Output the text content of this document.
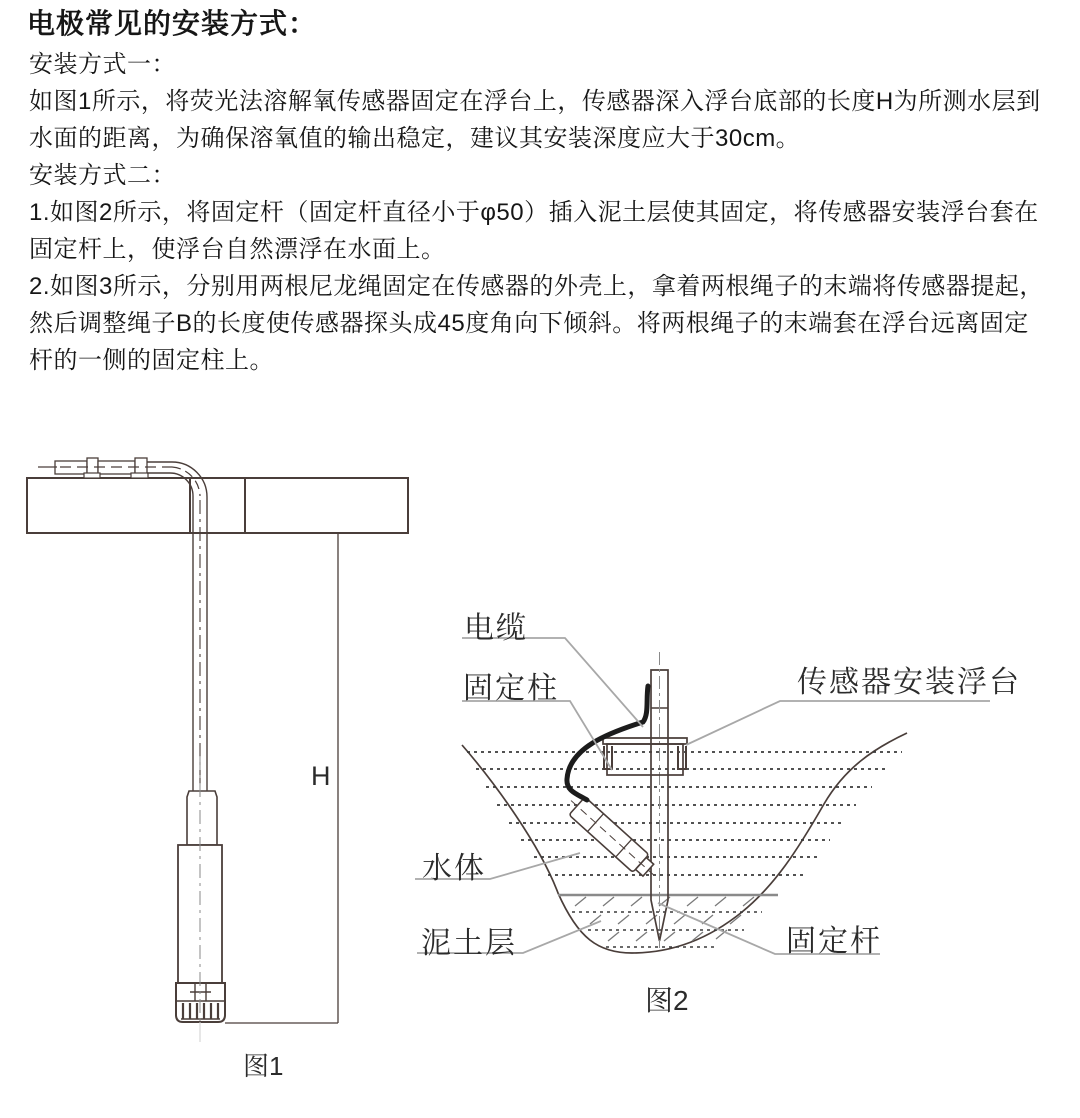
电极常见的安装方式：
安装方式一：
如图1所示，将荧光法溶解氧传感器固定在浮台上，传感器深入浮台底部的长度H为所测水层到
水面的距离，为确保溶氧值的输出稳定，建议其安装深度应大于30cm。
安装方式二：
1.如图2所示，将固定杆（固定杆直径小于φ50）插入泥土层使其固定，将传感器安装浮台套在
固定杆上，使浮台自然漂浮在水面上。
2.如图3所示，分别用两根尼龙绳固定在传感器的外壳上，拿着两根绳子的末端将传感器提起，
然后调整绳子B的长度使传感器探头成45度角向下倾斜。将两根绳子的末端套在浮台远离固定
杆的一侧的固定柱上。
H
图1
电缆
固定柱	传感器安装浮台
水体
泥土层	固定杆
图2
